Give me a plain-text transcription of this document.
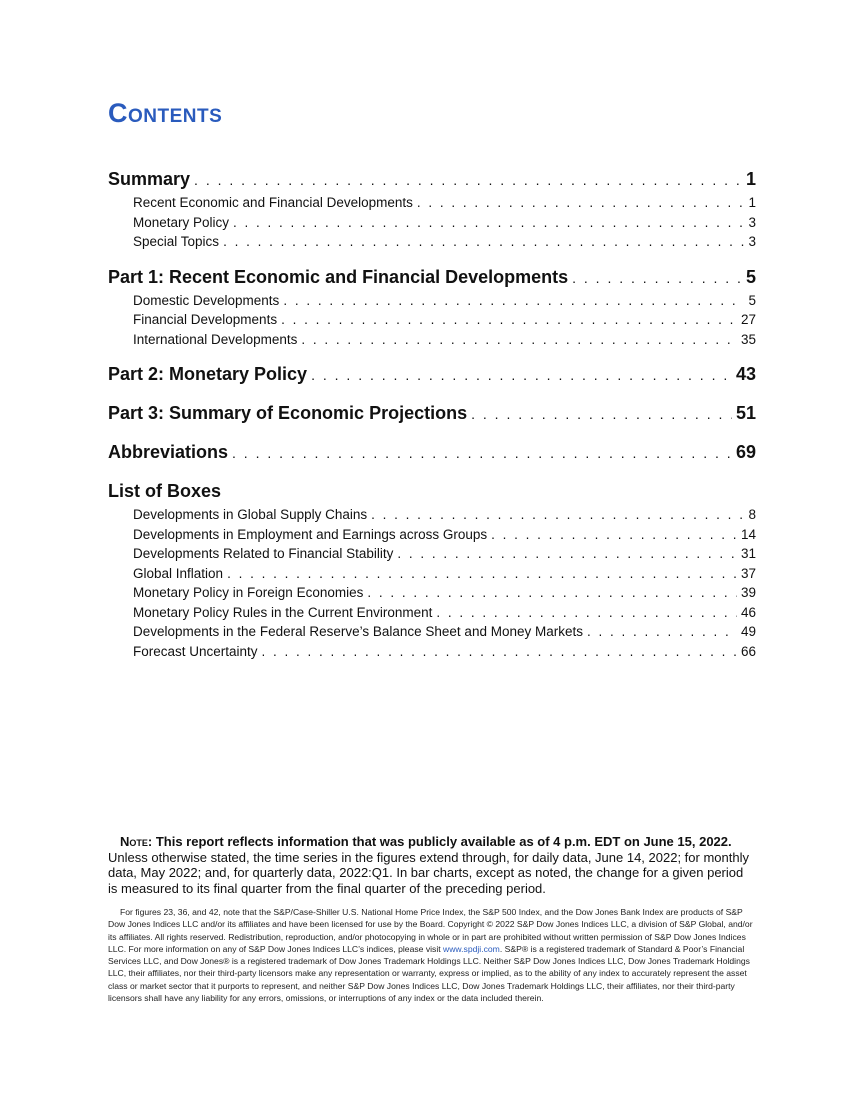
Contents
Summary . . .	1
Recent Economic and Financial Developments . . .	1
Monetary Policy . . .	3
Special Topics . . .	3
Part 1: Recent Economic and Financial Developments . . .	5
Domestic Developments . . .	5
Financial Developments . . .	27
International Developments . . .	35
Part 2: Monetary Policy . . .	43
Part 3: Summary of Economic Projections . . .	51
Abbreviations . . .	69
List of Boxes
Developments in Global Supply Chains . . .	8
Developments in Employment and Earnings across Groups . . .	14
Developments Related to Financial Stability . . .	31
Global Inflation . . .	37
Monetary Policy in Foreign Economies . . .	39
Monetary Policy Rules in the Current Environment . . .	46
Developments in the Federal Reserve’s Balance Sheet and Money Markets . . .	49
Forecast Uncertainty . . .	66
Note: This report reflects information that was publicly available as of 4 p.m. EDT on June 15, 2022.
Unless otherwise stated, the time series in the figures extend through, for daily data, June 14, 2022; for monthly data, May 2022; and, for quarterly data, 2022:Q1. In bar charts, except as noted, the change for a given period is measured to its final quarter from the final quarter of the preceding period.

For figures 23, 36, and 42, note that the S&P/Case-Shiller U.S. National Home Price Index, the S&P 500 Index, and the Dow Jones Bank Index are products of S&P Dow Jones Indices LLC and/or its affiliates and have been licensed for use by the Board. Copyright © 2022 S&P Dow Jones Indices LLC, a division of S&P Global, and/or its affiliates. All rights reserved. Redistribution, reproduction, and/or photocopying in whole or in part are prohibited without written permission of S&P Dow Jones Indices LLC. For more information on any of S&P Dow Jones Indices LLC’s indices, please visit www.spdji.com. S&P® is a registered trademark of Standard & Poor’s Financial Services LLC, and Dow Jones® is a registered trademark of Dow Jones Trademark Holdings LLC. Neither S&P Dow Jones Indices LLC, Dow Jones Trademark Holdings LLC, their affiliates, nor their third-party licensors make any representation or warranty, express or implied, as to the ability of any index to accurately represent the asset class or market sector that it purports to represent, and neither S&P Dow Jones Indices LLC, Dow Jones Trademark Holdings LLC, their affiliates, nor their third-party licensors shall have any liability for any errors, omissions, or interruptions of any index or the data included therein.
